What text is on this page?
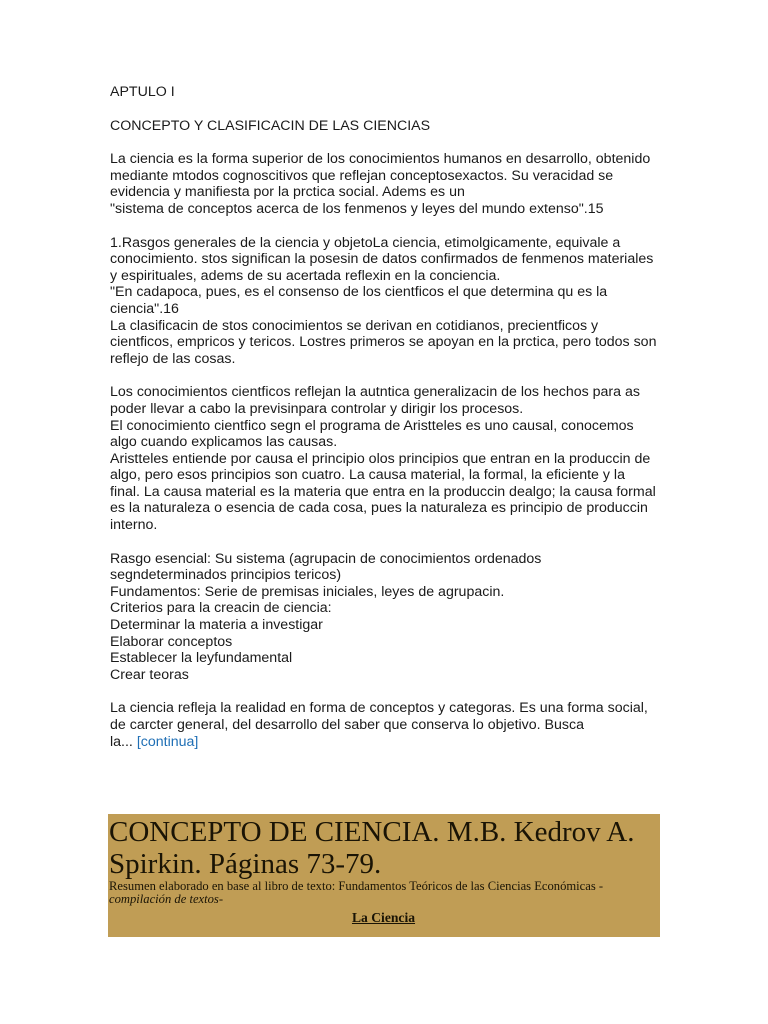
APTULO I

CONCEPTO Y CLASIFICACIN DE LAS CIENCIAS

La ciencia es la forma superior de los conocimientos humanos en desarrollo, obtenido

mediante mtodos cognoscitivos que reflejan conceptosexactos. Su veracidad se

evidencia y manifiesta por la prctica social. Adems es un

"sistema de conceptos acerca de los fenmenos y leyes del mundo extenso".15

1.Rasgos generales de la ciencia y objetoLa ciencia, etimolgicamente, equivale a

conocimiento. stos significan la posesin de datos confirmados de fenmenos materiales

y espirituales, adems de su acertada reflexin en la conciencia.

"En cadapoca, pues, es el consenso de los cientficos el que determina qu es la

ciencia".16

La clasificacin de stos conocimientos se derivan en cotidianos, precientficos y

cientficos, empricos y tericos. Lostres primeros se apoyan en la prctica, pero todos son

reflejo de las cosas.

Los conocimientos cientficos reflejan la autntica generalizacin de los hechos para as

poder llevar a cabo la previsinpara controlar y dirigir los procesos.

El conocimiento cientfico segn el programa de Aristteles es uno causal, conocemos

algo cuando explicamos las causas.

Aristteles entiende por causa el principio olos principios que entran en la produccin de

algo, pero esos principios son cuatro. La causa material, la formal, la eficiente y la

final. La causa material es la materia que entra en la produccin dealgo; la causa formal

es la naturaleza o esencia de cada cosa, pues la naturaleza es principio de produccin

interno.

Rasgo esencial: Su sistema (agrupacin de conocimientos ordenados

segndeterminados principios tericos)

Fundamentos: Serie de premisas iniciales, leyes de agrupacin.

Criterios para la creacin de ciencia:

Determinar la materia a investigar

Elaborar conceptos

Establecer la leyfundamental

Crear teoras

La ciencia refleja la realidad en forma de conceptos y categoras. Es una forma social,

de carcter general, del desarrollo del saber que conserva lo objetivo. Busca

la... [continua]

CONCEPTO DE CIENCIA. M.B. Kedrov A.

Spirkin. Páginas 73-79.

Resumen elaborado en base al libro de texto: Fundamentos Teóricos de las Ciencias Económicas -

compilación de textos-

La Ciencia
